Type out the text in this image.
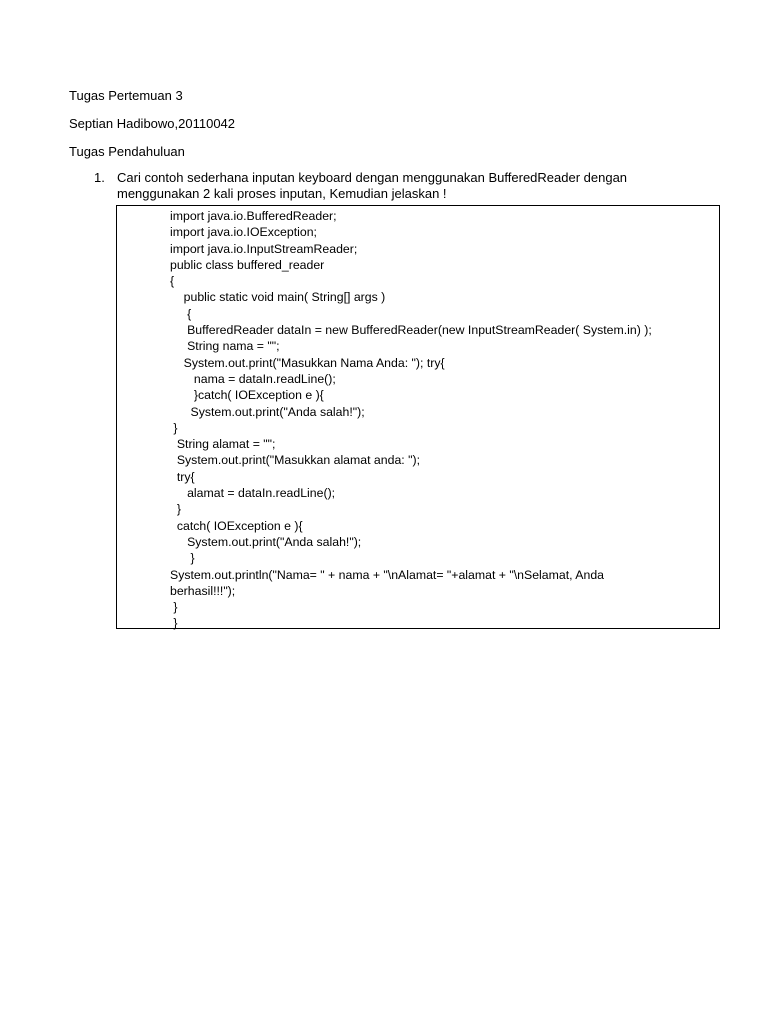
Tugas Pertemuan 3
Septian Hadibowo,20110042
Tugas Pendahuluan
1. Cari contoh sederhana inputan keyboard dengan menggunakan BufferedReader dengan menggunakan 2 kali proses inputan, Kemudian jelaskan !
import java.io.BufferedReader;
import java.io.IOException;
import java.io.InputStreamReader;
public class buffered_reader
{
public static void main( String[] args )
{
BufferedReader dataIn = new BufferedReader(new InputStreamReader( System.in) );
String nama = "";
System.out.print("Masukkan Nama Anda: "); try{
nama = dataIn.readLine();
}catch( IOException e ){
System.out.print("Anda salah!");
}
String alamat = "";
System.out.print("Masukkan alamat anda: ");
try{
alamat = dataIn.readLine();
}
catch( IOException e ){
System.out.print("Anda salah!");
}
System.out.println("Nama= " + nama + "\nAlamat= "+alamat + "\nSelamat, Anda berhasil!!!");
}
}
